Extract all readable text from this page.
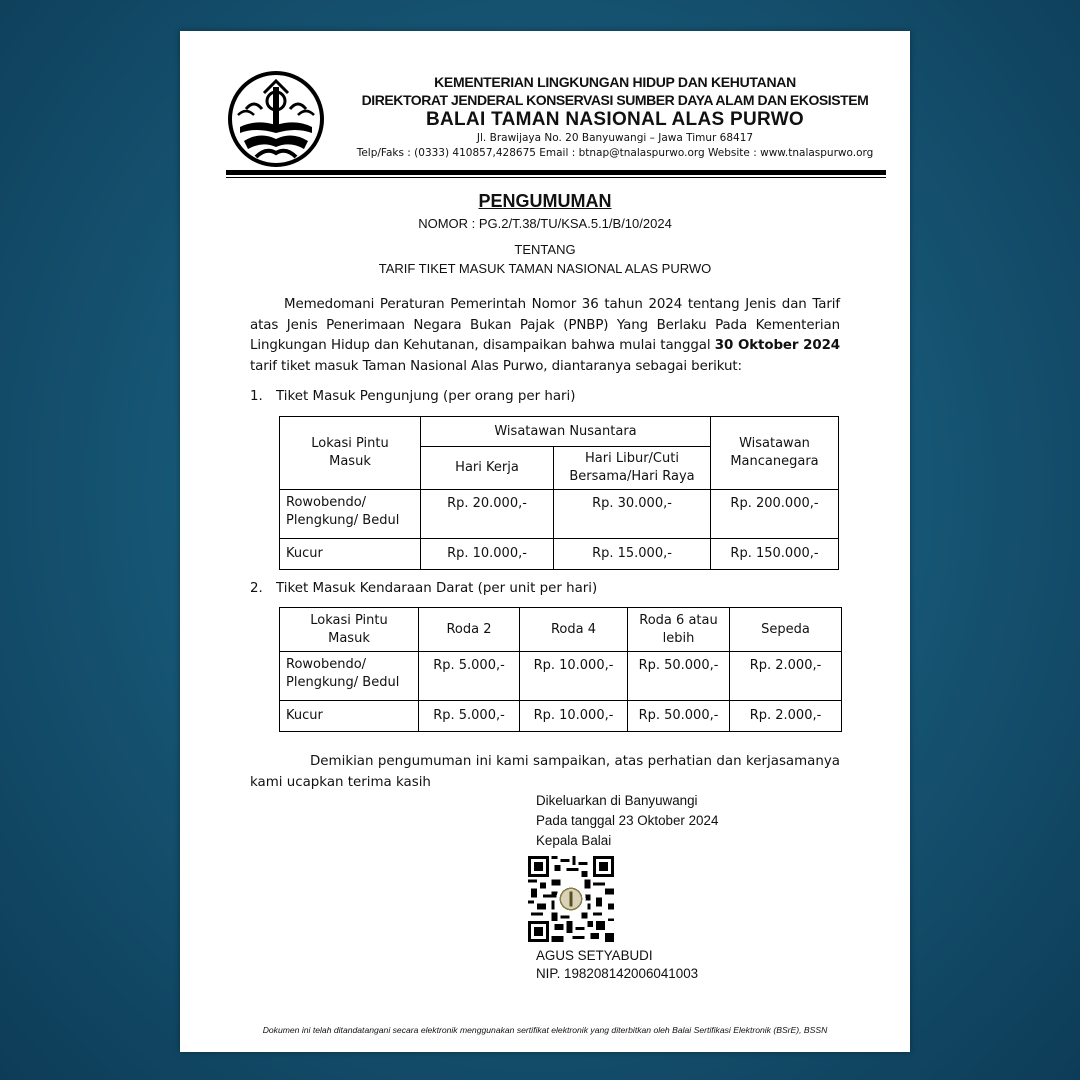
KEMENTERIAN LINGKUNGAN HIDUP DAN KEHUTANAN
DIREKTORAT JENDERAL KONSERVASI SUMBER DAYA ALAM DAN EKOSISTEM
BALAI TAMAN NASIONAL ALAS PURWO
Jl. Brawijaya No. 20 Banyuwangi – Jawa Timur 68417
Telp/Faks : (0333) 410857,428675 Email : btnap@tnalaspurwo.org Website : www.tnalaspurwo.org
PENGUMUMAN
NOMOR : PG.2/T.38/TU/KSA.5.1/B/10/2024
TENTANG
TARIF TIKET MASUK TAMAN NASIONAL ALAS PURWO
Memedomani Peraturan Pemerintah Nomor 36 tahun 2024 tentang Jenis dan Tarif atas Jenis Penerimaan Negara Bukan Pajak (PNBP) Yang Berlaku Pada Kementerian Lingkungan Hidup dan Kehutanan, disampaikan bahwa mulai tanggal 30 Oktober 2024 tarif tiket masuk Taman Nasional Alas Purwo, diantaranya sebagai berikut:
1. Tiket Masuk Pengunjung (per orang per hari)
Lokasi Pintu Masuk	Wisatawan Nusantara		Wisatawan Mancanegara

	Hari Kerja	Hari Libur/Cuti Bersama/Hari Raya	

Rowobendo/ Plengkung/ Bedul	Rp. 20.000,-	Rp. 30.000,-	Rp. 200.000,-
Kucur	Rp. 10.000,-	Rp. 15.000,-	Rp. 150.000,-
2. Tiket Masuk Kendaraan Darat (per unit per hari)
Lokasi Pintu Masuk	Roda 2	Roda 4	Roda 6 atau lebih	Sepeda
Rowobendo/ Plengkung/ Bedul	Rp. 5.000,-	Rp. 10.000,-	Rp. 50.000,-	Rp. 2.000,-
Kucur	Rp. 5.000,-	Rp. 10.000,-	Rp. 50.000,-	Rp. 2.000,-
Demikian pengumuman ini kami sampaikan, atas perhatian dan kerjasamanya kami ucapkan terima kasih
Dikeluarkan di Banyuwangi
Pada tanggal 23 Oktober 2024
Kepala Balai
AGUS SETYABUDI
NIP. 198208142006041003
Dokumen ini telah ditandatangani secara elektronik menggunakan sertifikat elektronik yang diterbitkan oleh Balai Sertifikasi Elektronik (BSrE), BSSN
